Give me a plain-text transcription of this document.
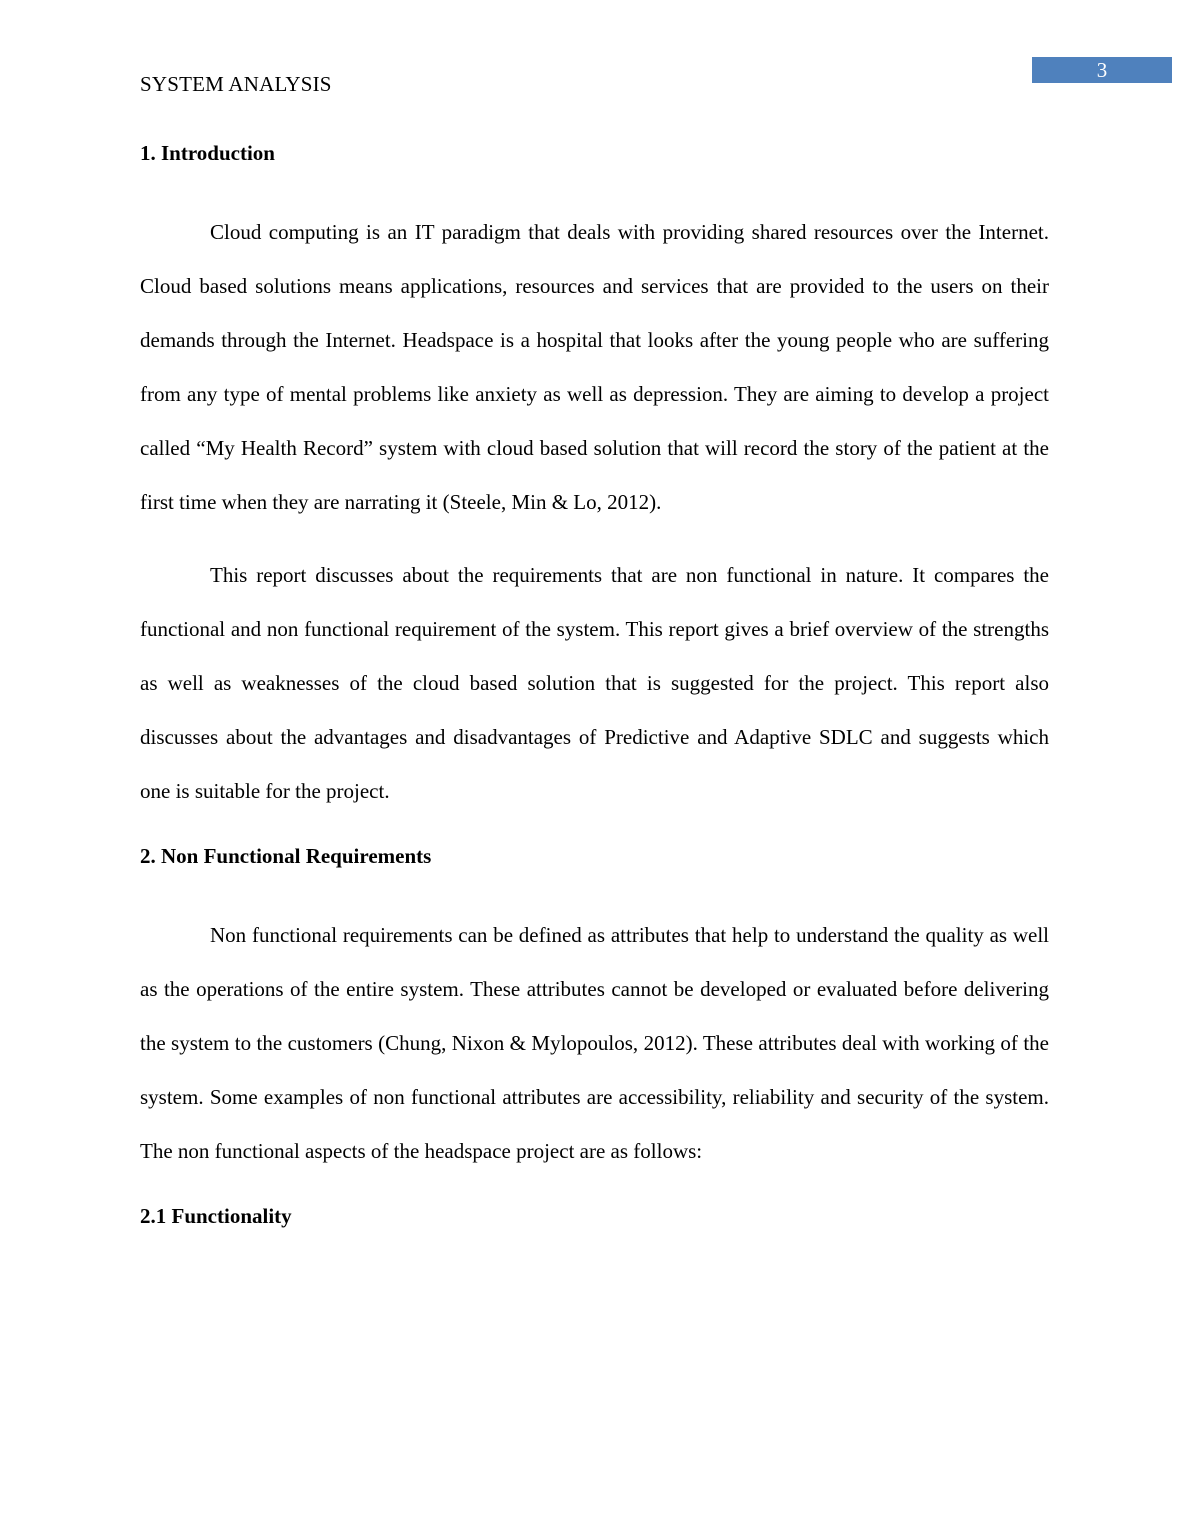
3
SYSTEM ANALYSIS
1. Introduction

Cloud computing is an IT paradigm that deals with providing shared resources over the Internet. Cloud based solutions means applications, resources and services that are provided to the users on their demands through the Internet. Headspace is a hospital that looks after the young people who are suffering from any type of mental problems like anxiety as well as depression. They are aiming to develop a project called “My Health Record” system with cloud based solution that will record the story of the patient at the first time when they are narrating it (Steele, Min & Lo, 2012).

This report discusses about the requirements that are non functional in nature. It compares the functional and non functional requirement of the system. This report gives a brief overview of the strengths as well as weaknesses of the cloud based solution that is suggested for the project. This report also discusses about the advantages and disadvantages of Predictive and Adaptive SDLC and suggests which one is suitable for the project.

2. Non Functional Requirements

Non functional requirements can be defined as attributes that help to understand the quality as well as the operations of the entire system. These attributes cannot be developed or evaluated before delivering the system to the customers (Chung, Nixon & Mylopoulos, 2012). These attributes deal with working of the system. Some examples of non functional attributes are accessibility, reliability and security of the system. The non functional aspects of the headspace project are as follows:

2.1 Functionality
